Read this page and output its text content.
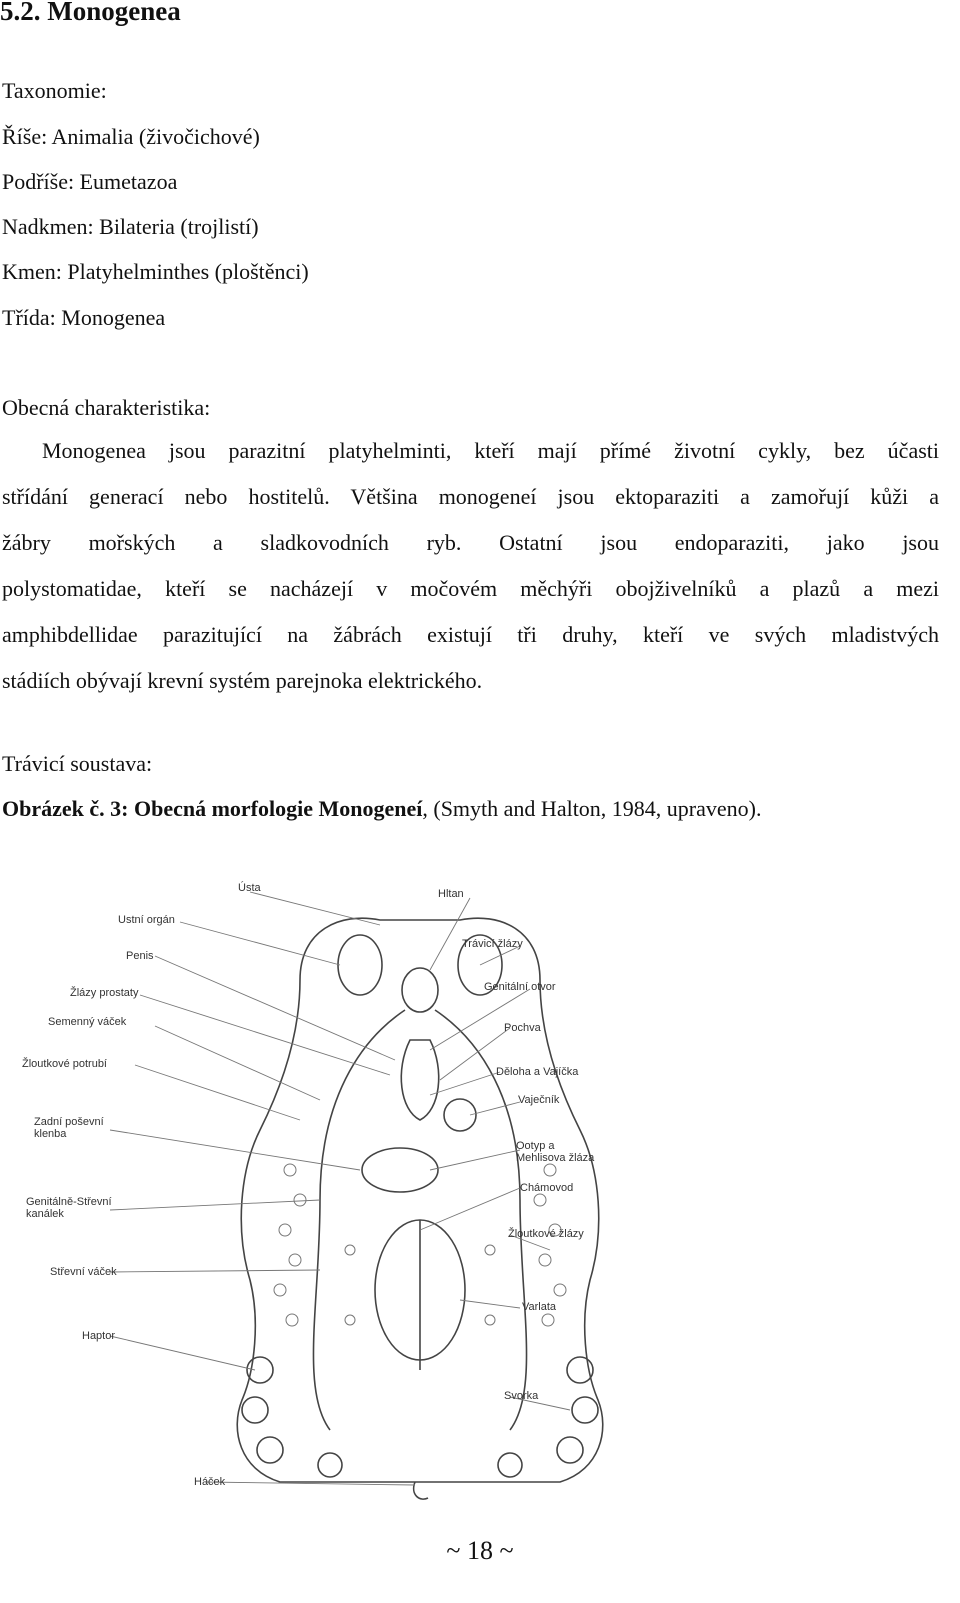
5.2. Monogenea
Taxonomie:
Říše: Animalia (živočichové)
Podříše: Eumetazoa
Nadkmen: Bilateria (trojlistí)
Kmen: Platyhelminthes (ploštěnci)
Třída: Monogenea
Obecná charakteristika:
Monogenea jsou parazitní platyhelminti, kteří mají přímé životní cykly, bez účasti
střídání generací nebo hostitelů. Většina monogeneí jsou ektoparaziti a zamořují kůži a
žábry mořských a sladkovodních ryb. Ostatní jsou endoparaziti, jako jsou
polystomatidae, kteří se nacházejí v močovém měchýři obojživelníků a plazů a mezi
amphibdellidae parazitující na žábrách existují tři druhy, kteří ve svých mladistvých
stádiích obývají krevní systém parejnoka elektrického.
Trávicí soustava:
Obrázek č. 3: Obecná morfologie Monogeneí, (Smyth and Halton, 1984, upraveno).
Ústa	Hltan
Ustní orgán
Trávicí žlázy
Penis
Žlázy prostaty	Genitální otvor
Semenný váček	Pochva
Žloutkové potrubí
Děloha a Vajíčka
Vaječník
Zadní poševní
klenba
Ootyp a
Mehlisova žláza
Chámovod
Genitálně-Střevní
kanálek
Žloutkové žlázy
Střevní váček
Varlata
Haptor
Svorka
Háček
~ 18 ~
